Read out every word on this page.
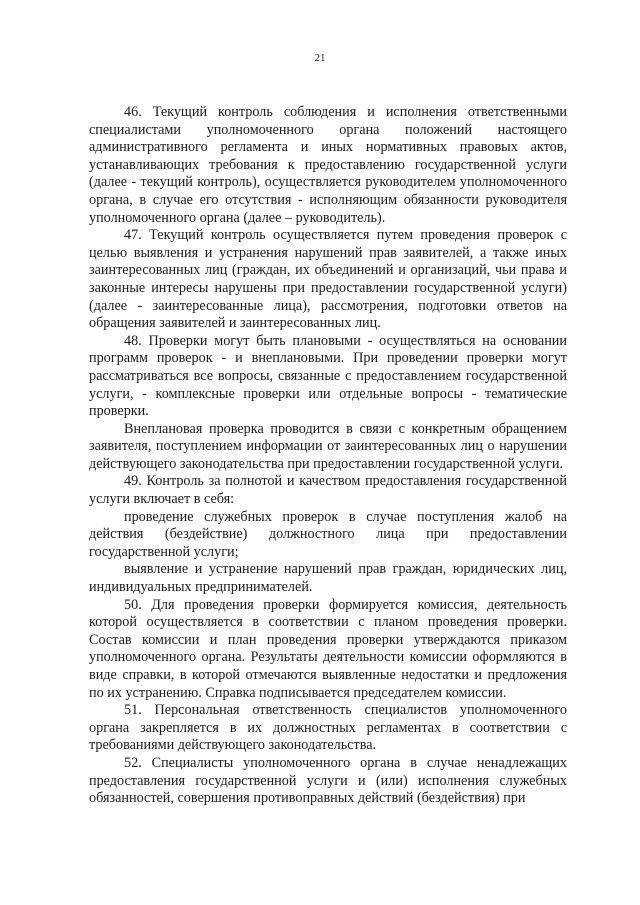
21

46. Текущий контроль соблюдения и исполнения ответственными специалистами уполномоченного органа положений настоящего административного регламента и иных нормативных правовых актов, устанавливающих требования к предоставлению государственной услуги (далее - текущий контроль), осуществляется руководителем уполномоченного органа, в случае его отсутствия - исполняющим обязанности руководителя уполномоченного органа (далее – руководитель).

47. Текущий контроль осуществляется путем проведения проверок с целью выявления и устранения нарушений прав заявителей, а также иных заинтересованных лиц (граждан, их объединений и организаций, чьи права и законные интересы нарушены при предоставлении государственной услуги) (далее - заинтересованные лица), рассмотрения, подготовки ответов на обращения заявителей и заинтересованных лиц.

48. Проверки могут быть плановыми - осуществляться на основании программ проверок - и внеплановыми. При проведении проверки могут рассматриваться все вопросы, связанные с предоставлением государственной услуги, - комплексные проверки или отдельные вопросы - тематические проверки.

Внеплановая проверка проводится в связи с конкретным обращением заявителя, поступлением информации от заинтересованных лиц о нарушении действующего законодательства при предоставлении государственной услуги.

49. Контроль за полнотой и качеством предоставления государственной услуги включает в себя:

проведение служебных проверок в случае поступления жалоб на действия (бездействие) должностного лица при предоставлении государственной услуги;

выявление и устранение нарушений прав граждан, юридических лиц, индивидуальных предпринимателей.

50. Для проведения проверки формируется комиссия, деятельность которой осуществляется в соответствии с планом проведения проверки. Состав комиссии и план проведения проверки утверждаются приказом уполномоченного органа. Результаты деятельности комиссии оформляются в виде справки, в которой отмечаются выявленные недостатки и предложения по их устранению. Справка подписывается председателем комиссии.

51. Персональная ответственность специалистов уполномоченного органа закрепляется в их должностных регламентах в соответствии с требованиями действующего законодательства.

52. Специалисты уполномоченного органа в случае ненадлежащих предоставления государственной услуги и (или) исполнения служебных обязанностей, совершения противоправных действий (бездействия) при
